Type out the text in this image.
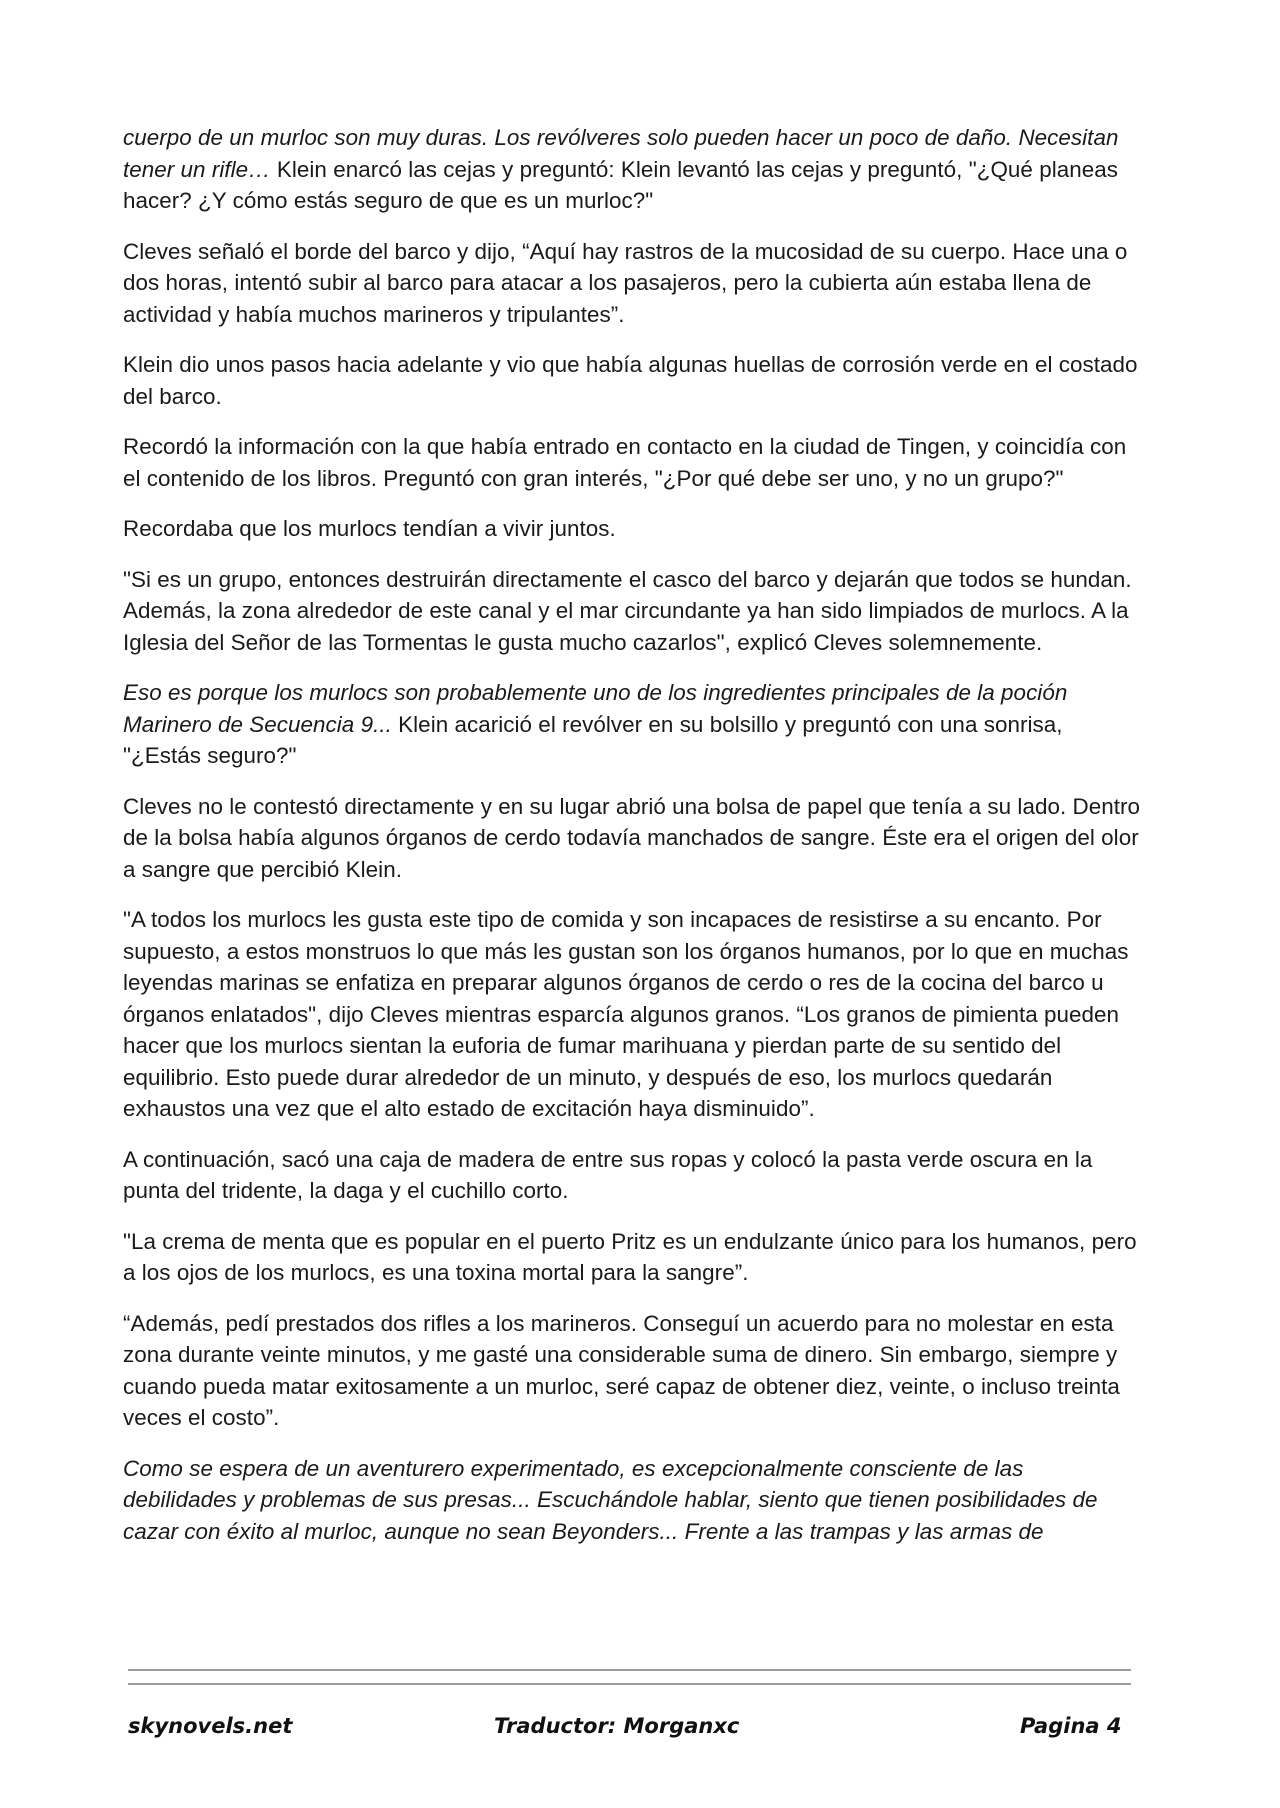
cuerpo de un murloc son muy duras. Los revólveres solo pueden hacer un poco de daño. Necesitan tener un rifle… Klein enarcó las cejas y preguntó: Klein levantó las cejas y preguntó, "¿Qué planeas hacer? ¿Y cómo estás seguro de que es un murloc?"

Cleves señaló el borde del barco y dijo, “Aquí hay rastros de la mucosidad de su cuerpo. Hace una o dos horas, intentó subir al barco para atacar a los pasajeros, pero la cubierta aún estaba llena de actividad y había muchos marineros y tripulantes”.

Klein dio unos pasos hacia adelante y vio que había algunas huellas de corrosión verde en el costado del barco.

Recordó la información con la que había entrado en contacto en la ciudad de Tingen, y coincidía con el contenido de los libros. Preguntó con gran interés, "¿Por qué debe ser uno, y no un grupo?"

Recordaba que los murlocs tendían a vivir juntos.

"Si es un grupo, entonces destruirán directamente el casco del barco y dejarán que todos se hundan. Además, la zona alrededor de este canal y el mar circundante ya han sido limpiados de murlocs. A la Iglesia del Señor de las Tormentas le gusta mucho cazarlos", explicó Cleves solemnemente.

Eso es porque los murlocs son probablemente uno de los ingredientes principales de la poción Marinero de Secuencia 9... Klein acarició el revólver en su bolsillo y preguntó con una sonrisa, "¿Estás seguro?"

Cleves no le contestó directamente y en su lugar abrió una bolsa de papel que tenía a su lado. Dentro de la bolsa había algunos órganos de cerdo todavía manchados de sangre. Éste era el origen del olor a sangre que percibió Klein.

"A todos los murlocs les gusta este tipo de comida y son incapaces de resistirse a su encanto. Por supuesto, a estos monstruos lo que más les gustan son los órganos humanos, por lo que en muchas leyendas marinas se enfatiza en preparar algunos órganos de cerdo o res de la cocina del barco u órganos enlatados", dijo Cleves mientras esparcía algunos granos. “Los granos de pimienta pueden hacer que los murlocs sientan la euforia de fumar marihuana y pierdan parte de su sentido del equilibrio. Esto puede durar alrededor de un minuto, y después de eso, los murlocs quedarán exhaustos una vez que el alto estado de excitación haya disminuido”.

A continuación, sacó una caja de madera de entre sus ropas y colocó la pasta verde oscura en la punta del tridente, la daga y el cuchillo corto.

"La crema de menta que es popular en el puerto Pritz es un endulzante único para los humanos, pero a los ojos de los murlocs, es una toxina mortal para la sangre”.

“Además, pedí prestados dos rifles a los marineros. Conseguí un acuerdo para no molestar en esta zona durante veinte minutos, y me gasté una considerable suma de dinero. Sin embargo, siempre y cuando pueda matar exitosamente a un murloc, seré capaz de obtener diez, veinte, o incluso treinta veces el costo”.

Como se espera de un aventurero experimentado, es excepcionalmente consciente de las debilidades y problemas de sus presas... Escuchándole hablar, siento que tienen posibilidades de cazar con éxito al murloc, aunque no sean Beyonders... Frente a las trampas y las armas de

skynovels.net	Traductor: Morganxc	Pagina 4
